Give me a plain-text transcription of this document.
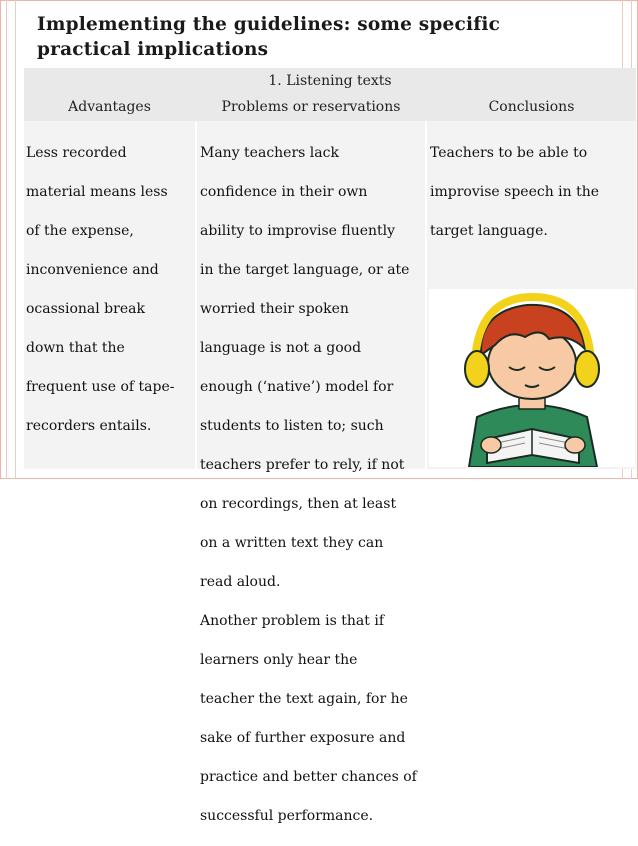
Implementing the guidelines: some specific
practical implications
1. Listening texts
Advantages	Problems or reservations	Conclusions

Less recorded

material means less

of the expense,

inconvenience and

ocassional break

down that the

frequent use of tape-

recorders entails.

Many teachers lack

confidence in their own

ability to improvise fluently

in the target language, or ate

worried their spoken

language is not a good

enough (‘native’) model for

students to listen to; such

teachers prefer to rely, if not

on recordings, then at least

on a written text they can

read aloud.

Another problem is that if

learners only hear the

teacher the text again, for he

sake of further exposure and

practice and better chances of

successful performance.

Teachers to be able to

improvise speech in the

target language.
